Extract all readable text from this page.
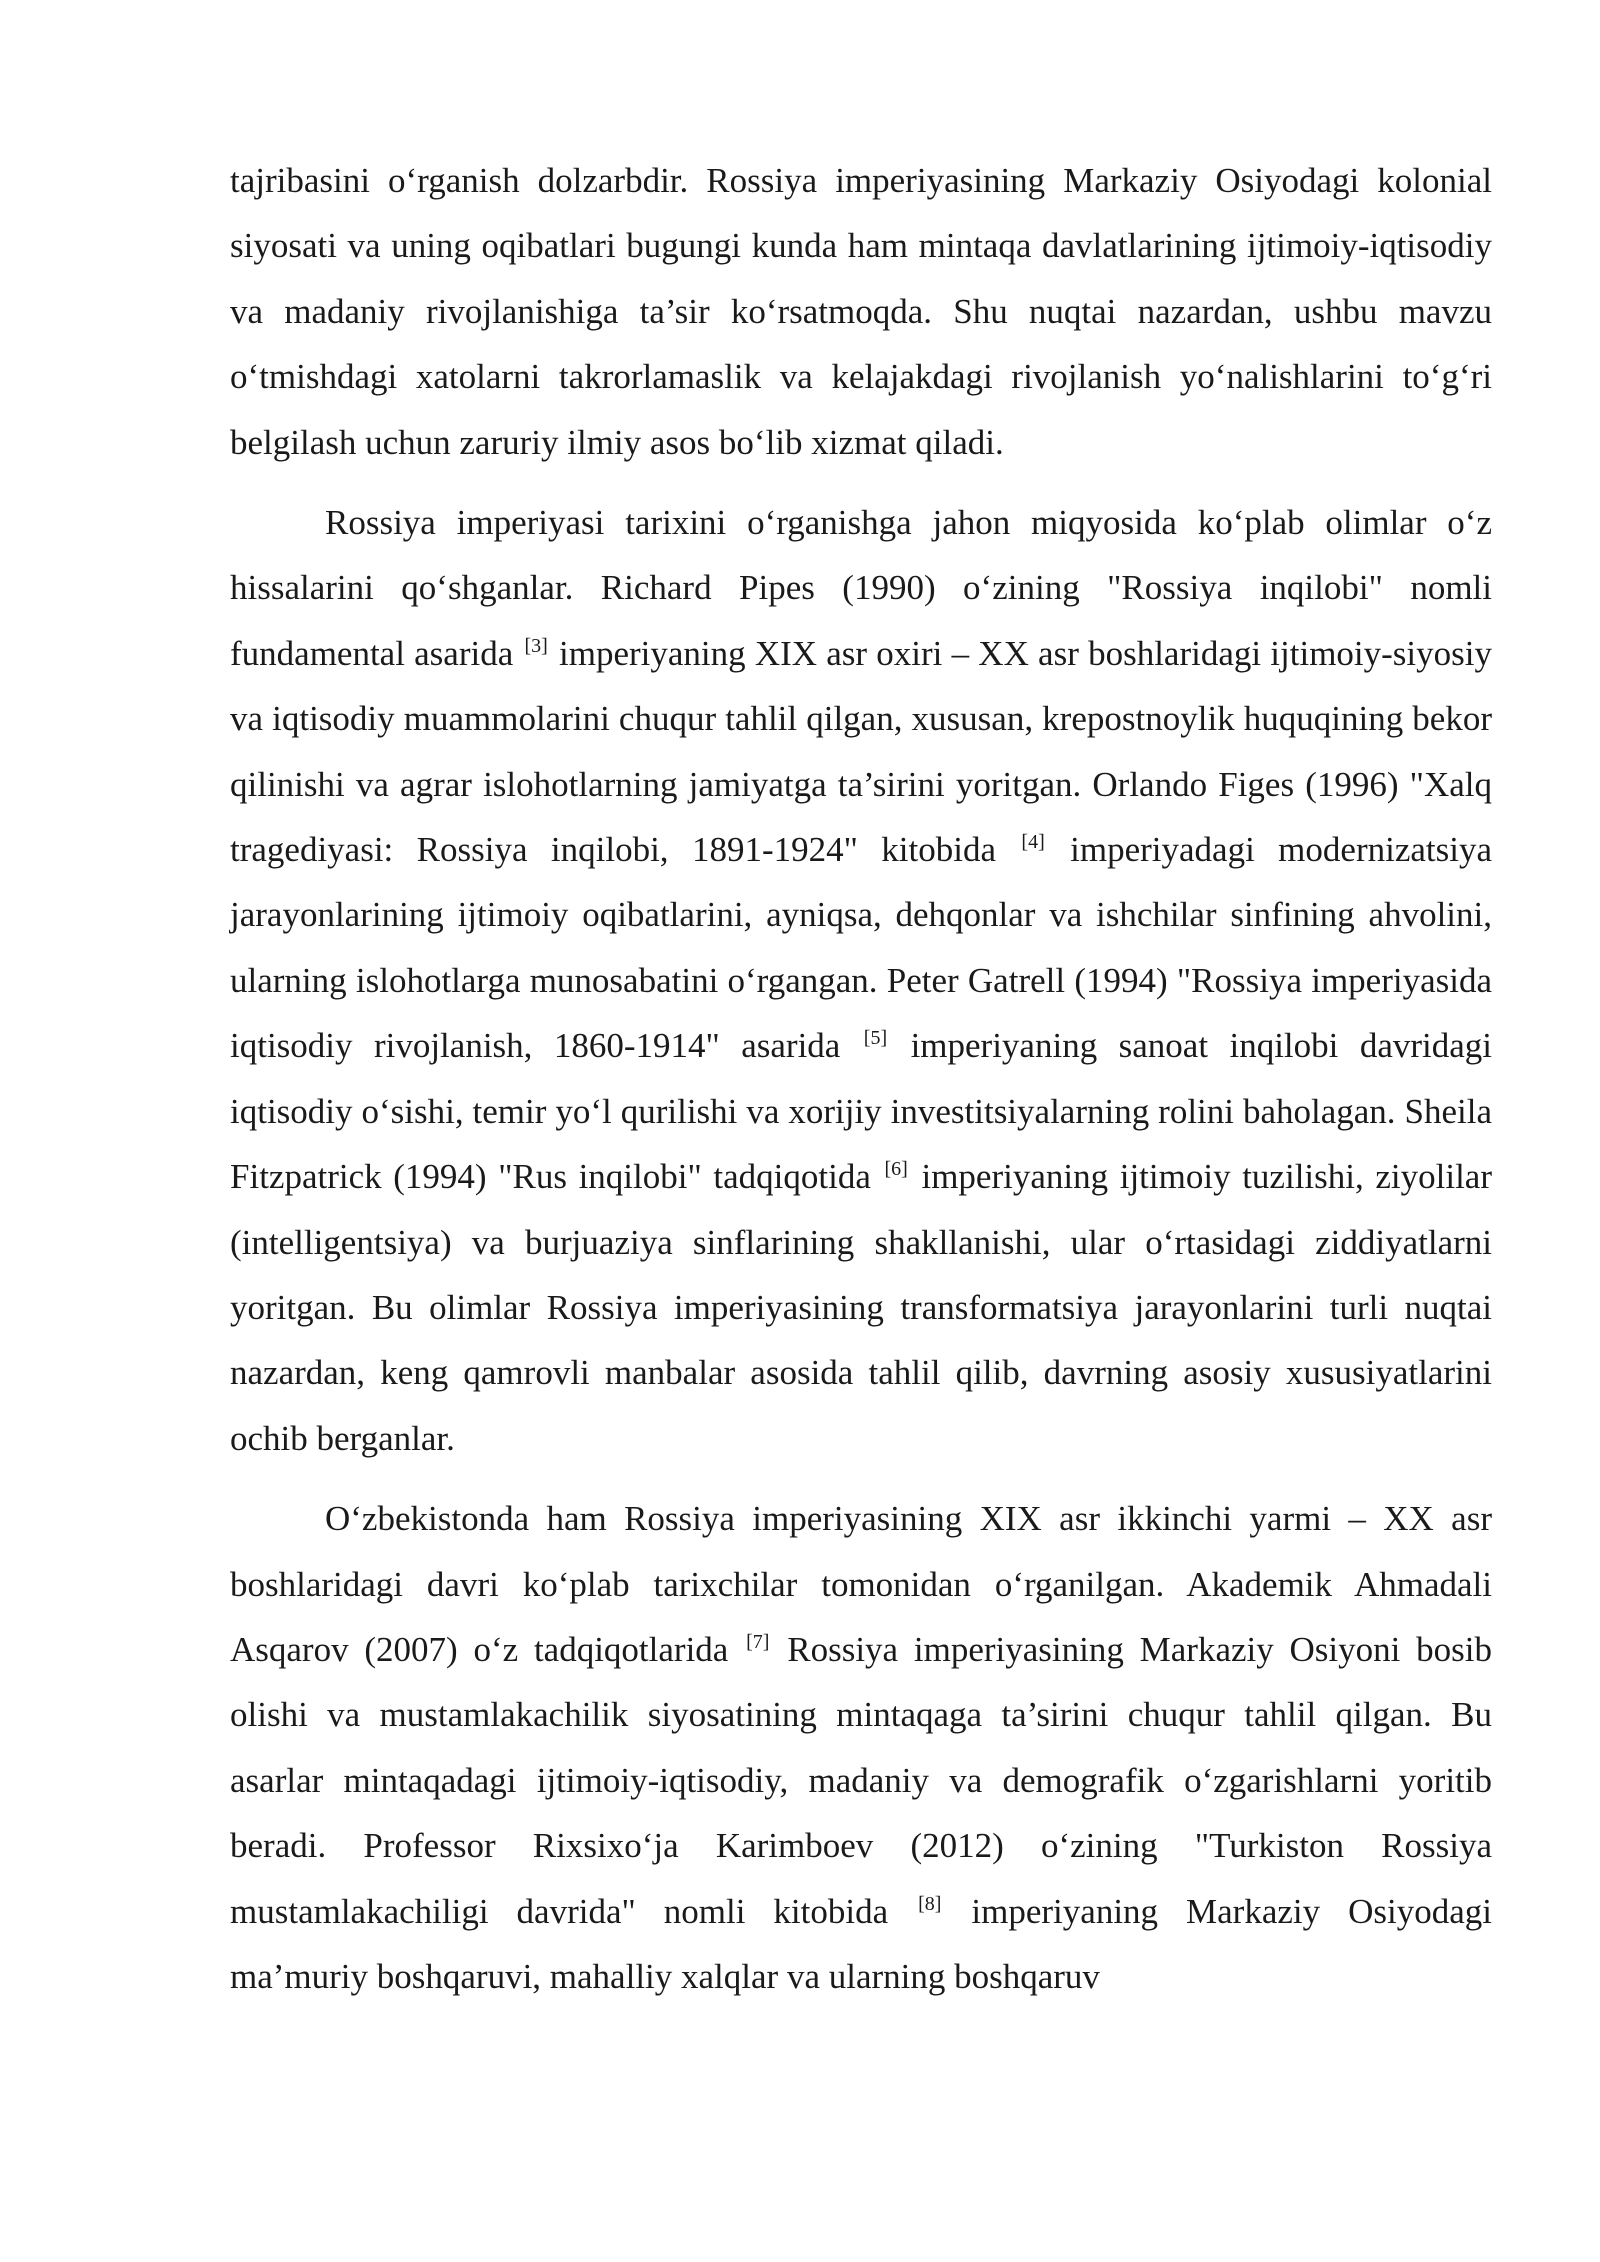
tajribasini o‘rganish dolzarbdir. Rossiya imperiyasining Markaziy Osiyodagi kolonial siyosati va uning oqibatlari bugungi kunda ham mintaqa davlatlarining ijtimoiy-iqtisodiy va madaniy rivojlanishiga ta’sir ko‘rsatmoqda. Shu nuqtai nazardan, ushbu mavzu o‘tmishdagi xatolarni takrorlamaslik va kelajakdagi rivojlanish yo‘nalishlarini to‘g‘ri belgilash uchun zaruriy ilmiy asos bo‘lib xizmat qiladi.

Rossiya imperiyasi tarixini o‘rganishga jahon miqyosida ko‘plab olimlar o‘z hissalarini qo‘shganlar. Richard Pipes (1990) o‘zining "Rossiya inqilobi" nomli fundamental asarida [3] imperiyaning XIX asr oxiri – XX asr boshlaridagi ijtimoiy-siyosiy va iqtisodiy muammolarini chuqur tahlil qilgan, xususan, krepostnoylik huquqining bekor qilinishi va agrar islohotlarning jamiyatga ta’sirini yoritgan. Orlando Figes (1996) "Xalq tragediyasi: Rossiya inqilobi, 1891-1924" kitobida [4] imperiyadagi modernizatsiya jarayonlarining ijtimoiy oqibatlarini, ayniqsa, dehqonlar va ishchilar sinfining ahvolini, ularning islohotlarga munosabatini o‘rgangan. Peter Gatrell (1994) "Rossiya imperiyasida iqtisodiy rivojlanish, 1860-1914" asarida [5] imperiyaning sanoat inqilobi davridagi iqtisodiy o‘sishi, temir yo‘l qurilishi va xorijiy investitsiyalarning rolini baholagan. Sheila Fitzpatrick (1994) "Rus inqilobi" tadqiqotida [6] imperiyaning ijtimoiy tuzilishi, ziyolilar (intelligentsiya) va burjuaziya sinflarining shakllanishi, ular o‘rtasidagi ziddiyatlarni yoritgan. Bu olimlar Rossiya imperiyasining transformatsiya jarayonlarini turli nuqtai nazardan, keng qamrovli manbalar asosida tahlil qilib, davrning asosiy xususiyatlarini ochib berganlar.

O‘zbekistonda ham Rossiya imperiyasining XIX asr ikkinchi yarmi – XX asr boshlaridagi davri ko‘plab tarixchilar tomonidan o‘rganilgan. Akademik Ahmadali Asqarov (2007) o‘z tadqiqotlarida [7] Rossiya imperiyasining Markaziy Osiyoni bosib olishi va mustamlakachilik siyosatining mintaqaga ta’sirini chuqur tahlil qilgan. Bu asarlar mintaqadagi ijtimoiy-iqtisodiy, madaniy va demografik o‘zgarishlarni yoritib beradi. Professor Rixsixo‘ja Karimboev (2012) o‘zining "Turkiston Rossiya mustamlakachiligi davrida" nomli kitobida [8] imperiyaning Markaziy Osiyodagi ma’muriy boshqaruvi, mahalliy xalqlar va ularning boshqaruv
